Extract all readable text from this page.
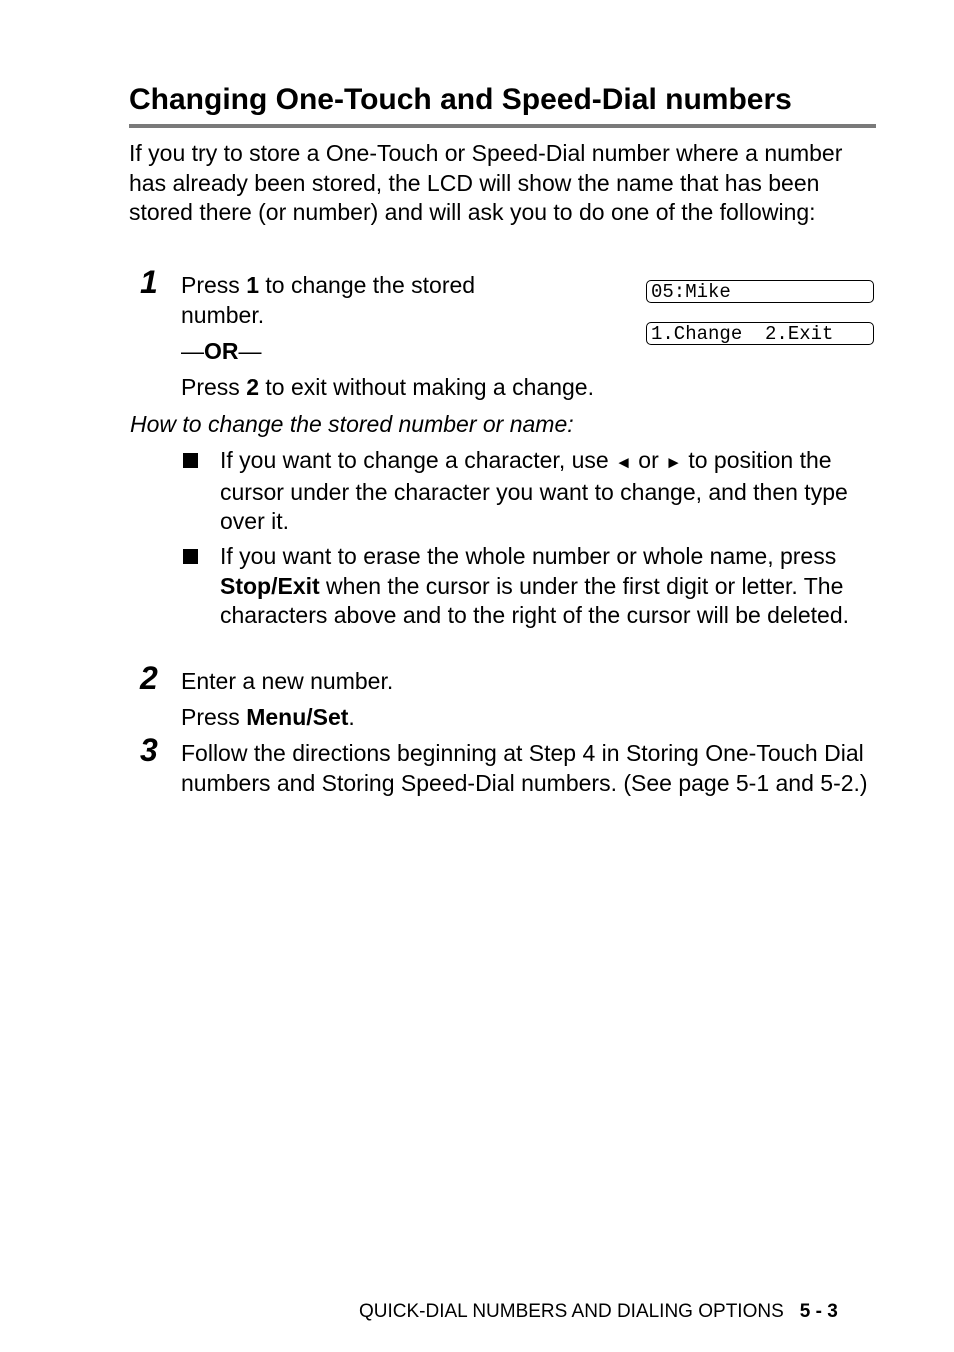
Changing One-Touch and Speed-Dial numbers
If you try to store a One-Touch or Speed-Dial number where a number has already been stored, the LCD will show the name that has been stored there (or number) and will ask you to do one of the following:
1 Press 1 to change the stored
number.
—OR—
Press 2 to exit without making a change.
05:Mike
1.Change  2.Exit
How to change the stored number or name:
If you want to change a character, use ◄ or ► to position the cursor under the character you want to change, and then type over it.
If you want to erase the whole number or whole name, press Stop/Exit when the cursor is under the first digit or letter. The characters above and to the right of the cursor will be deleted.
2 Enter a new number.
Press Menu/Set.
3 Follow the directions beginning at Step 4 in Storing One-Touch Dial numbers and Storing Speed-Dial numbers. (See page 5-1 and 5-2.)
QUICK-DIAL NUMBERS AND DIALING OPTIONS 5 - 3
